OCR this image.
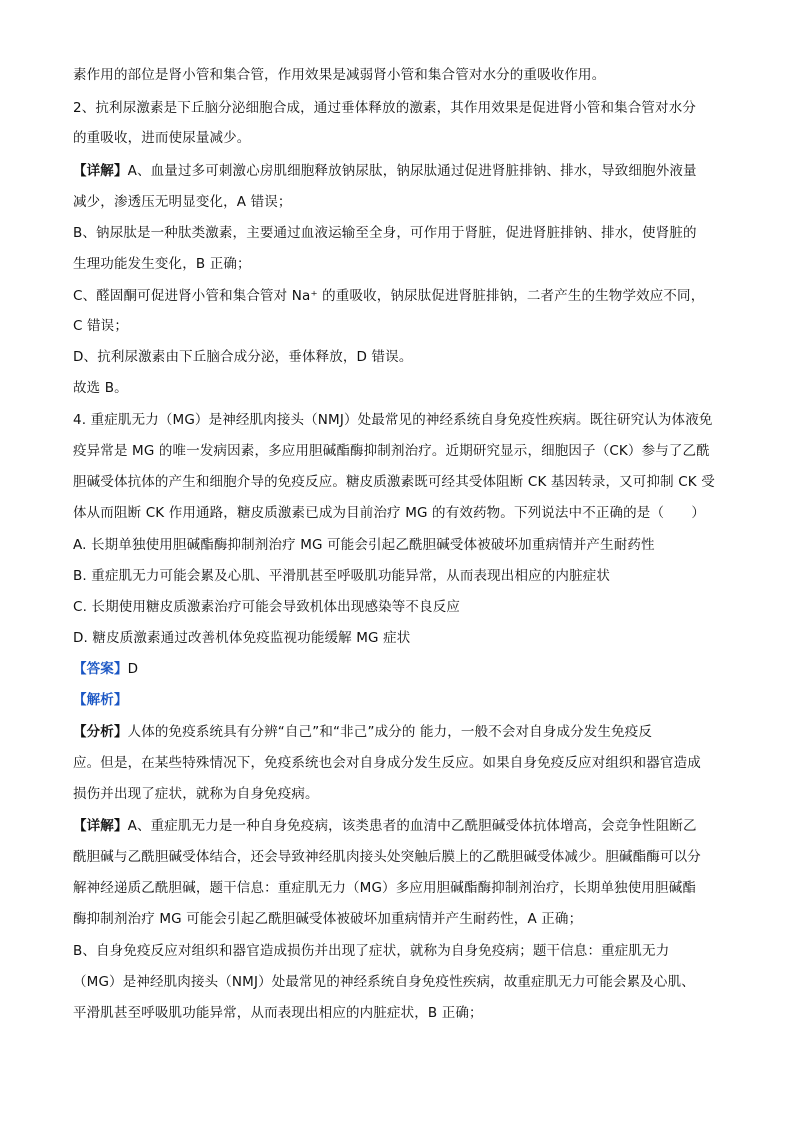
素作用的部位是肾小管和集合管，作用效果是减弱肾小管和集合管对水分的重吸收作用。
2、抗利尿激素是下丘脑分泌细胞合成，通过垂体释放的激素，其作用效果是促进肾小管和集合管对水分
的重吸收，进而使尿量减少。
【详解】A、血量过多可刺激心房肌细胞释放钠尿肽，钠尿肽通过促进肾脏排钠、排水，导致细胞外液量
减少，渗透压无明显变化，A 错误；
B、钠尿肽是一种肽类激素，主要通过血液运输至全身，可作用于肾脏，促进肾脏排钠、排水，使肾脏的
生理功能发生变化，B 正确；
C、醛固酮可促进肾小管和集合管对 Na⁺ 的重吸收，钠尿肽促进肾脏排钠，二者产生的生物学效应不同，
C 错误；
D、抗利尿激素由下丘脑合成分泌，垂体释放，D 错误。
故选 B。
4. 重症肌无力（MG）是神经肌肉接头（NMJ）处最常见的神经系统自身免疫性疾病。既往研究认为体液免
疫异常是 MG 的唯一发病因素，多应用胆碱酯酶抑制剂治疗。近期研究显示，细胞因子（CK）参与了乙酰
胆碱受体抗体的产生和细胞介导的免疫反应。糖皮质激素既可经其受体阻断 CK 基因转录，又可抑制 CK 受
体从而阻断 CK 作用通路，糖皮质激素已成为目前治疗 MG 的有效药物。下列说法中不正确的是（　　）
A. 长期单独使用胆碱酯酶抑制剂治疗 MG 可能会引起乙酰胆碱受体被破坏加重病情并产生耐药性
B. 重症肌无力可能会累及心肌、平滑肌甚至呼吸肌功能异常，从而表现出相应的内脏症状
C. 长期使用糖皮质激素治疗可能会导致机体出现感染等不良反应
D. 糖皮质激素通过改善机体免疫监视功能缓解 MG 症状
【答案】D
【解析】
【分析】人体的免疫系统具有分辨“自己”和“非己”成分的 能力，一般不会对自身成分发生免疫反
应。但是，在某些特殊情况下，免疫系统也会对自身成分发生反应。如果自身免疫反应对组织和器官造成
损伤并出现了症状，就称为自身免疫病。
【详解】A、重症肌无力是一种自身免疫病，该类患者的血清中乙酰胆碱受体抗体增高，会竞争性阻断乙
酰胆碱与乙酰胆碱受体结合，还会导致神经肌肉接头处突触后膜上的乙酰胆碱受体减少。胆碱酯酶可以分
解神经递质乙酰胆碱，题干信息：重症肌无力（MG）多应用胆碱酯酶抑制剂治疗，长期单独使用胆碱酯
酶抑制剂治疗 MG 可能会引起乙酰胆碱受体被破坏加重病情并产生耐药性，A 正确；
B、自身免疫反应对组织和器官造成损伤并出现了症状，就称为自身免疫病；题干信息：重症肌无力
（MG）是神经肌肉接头（NMJ）处最常见的神经系统自身免疫性疾病，故重症肌无力可能会累及心肌、
平滑肌甚至呼吸肌功能异常，从而表现出相应的内脏症状，B 正确；
